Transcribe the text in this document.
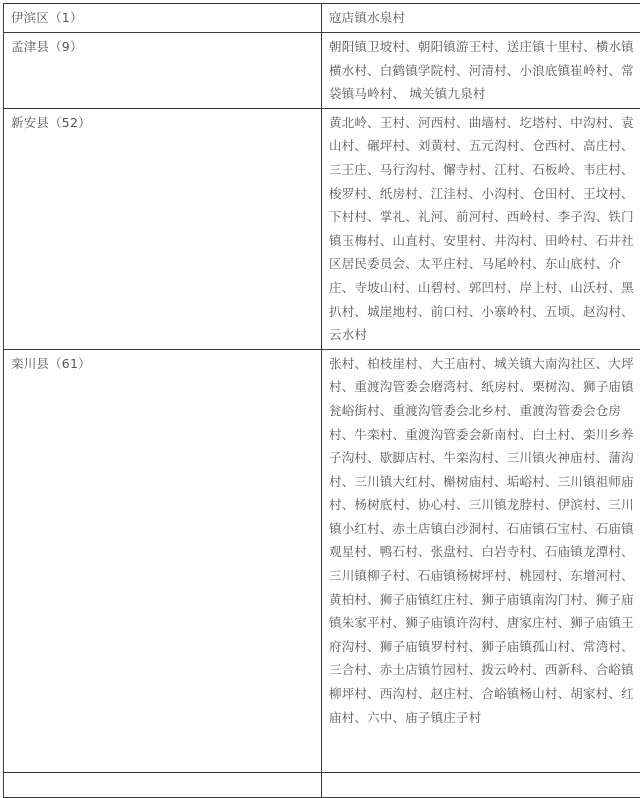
伊滨区（1）	寇店镇水泉村
孟津县（9）	朝阳镇卫坡村、朝阳镇游王村、送庄镇十里村、横水镇横水村、白鹤镇学院村、河清村、小浪底镇崔岭村、常袋镇马岭村、 城关镇九泉村
新安县（52）	黄北岭、王村、河西村、曲墙村、圪塔村、中沟村、袁山村、碾坪村、刘黄村、五元沟村、仓西村、高庄村、三王庄、马行沟村、懈寺村、江村、石板岭、韦庄村、梭罗村、纸房村、江洼村、小沟村、仓田村、王坟村、下村村、掌礼、礼河、前河村、西岭村、李子沟、铁门镇玉梅村、山直村、安里村、井沟村、田岭村、石井社区居民委员会、太平庄村、马尾岭村、东山底村、介庄、寺坡山村、山碧村、郭凹村、岸上村、山沃村、黑扒村、城崖地村、前口村、小寨岭村、五顷、赵沟村、云水村
栾川县（61）	张村、柏枝崖村、大王庙村、城关镇大南沟社区、大坪村、重渡沟管委会磨湾村、纸房村、栗树沟、狮子庙镇瓮峪街村、重渡沟管委会北乡村、重渡沟管委会仓房村、牛栾村、重渡沟管委会新南村、白土村、栾川乡养子沟村、歇脚店村、牛栾沟村、三川镇火神庙村、蒲沟村、三川镇大红村、槲树庙村、垢峪村、三川镇祖师庙村、杨树底村、协心村、三川镇龙脖村、伊滨村、三川镇小红村、赤土店镇白沙洞村、石庙镇石宝村、石庙镇观星村、鸭石村、张盘村、白岩寺村、石庙镇龙潭村、三川镇柳子村、石庙镇杨树坪村、桃园村、东增河村、黄柏村、狮子庙镇红庄村、狮子庙镇南沟门村、狮子庙镇朱家平村、狮子庙镇许沟村、唐家庄村、狮子庙镇王府沟村、狮子庙镇罗村村、狮子庙镇孤山村、常湾村、三合村、赤土店镇竹园村、拨云岭村、西新科、合峪镇柳坪村、西沟村、赵庄村、合峪镇杨山村、胡家村、红庙村、六中、庙子镇庄子村
